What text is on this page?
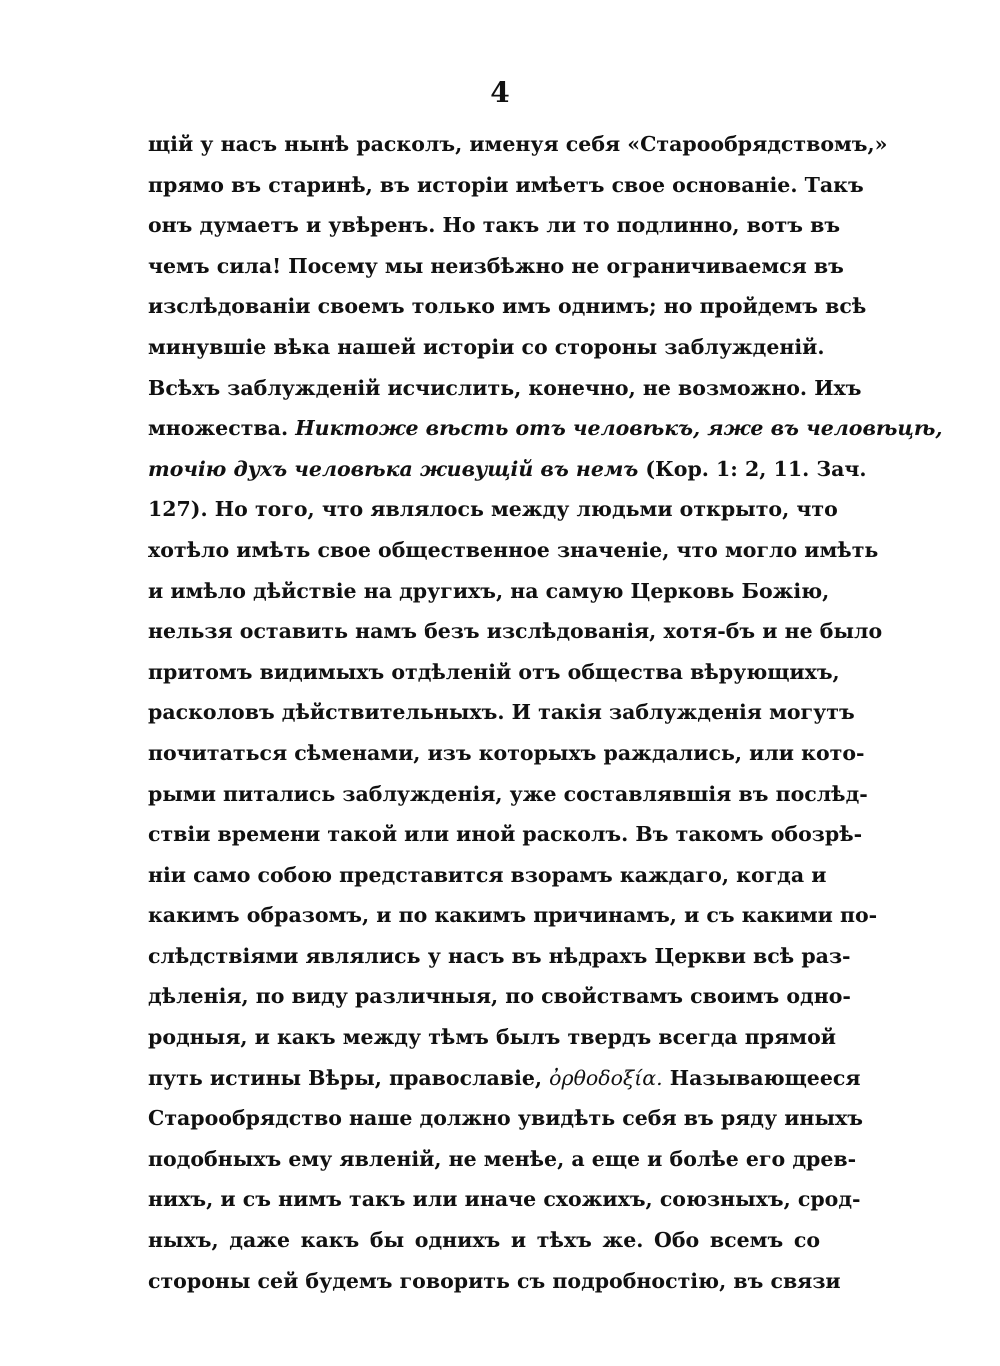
4
щій у насъ нынѣ расколъ, именуя себя «Старообрядствомъ,»
прямо въ старинѣ, въ исторіи имѣетъ свое основаніе. Такъ
онъ думаетъ и увѣренъ. Но такъ ли то подлинно, вотъ въ
чемъ сила! Посему мы неизбѣжно не ограничиваемся въ
изслѣдованіи своемъ только имъ однимъ; но пройдемъ всѣ
минувшіе вѣка нашей исторіи со стороны заблужденій.
Всѣхъ заблужденій исчислить, конечно, не возможно. Ихъ
множества. Никтоже вѣсть отъ человѣкъ, яже въ человѣцѣ,
точію духъ человѣка живущій въ немъ (Кор. 1: 2, 11. Зач.
127). Но того, что являлось между людьми открыто, что
хотѣло имѣть свое общественное значеніе, что могло имѣть
и имѣло дѣйствіе на другихъ, на самую Церковь Божію,
нельзя оставить намъ безъ изслѣдованія, хотя-бъ и не было
притомъ видимыхъ отдѣленій отъ общества вѣрующихъ,
расколовъ дѣйствительныхъ. И такія заблужденія могутъ
почитаться сѣменами, изъ которыхъ раждались, или кото-
рыми питались заблужденія, уже составлявшія въ послѣд-
ствіи времени такой или иной расколъ. Въ такомъ обозрѣ-
ніи само собою представится взорамъ каждаго, когда и
какимъ образомъ, и по какимъ причинамъ, и съ какими по-
слѣдствіями являлись у насъ въ нѣдрахъ Церкви всѣ раз-
дѣленія, по виду различныя, по свойствамъ своимъ одно-
родныя, и какъ между тѣмъ былъ твердъ всегда прямой
путь истины Вѣры, православіе, ὀρθοδοξία. Называющееся
Старообрядство наше должно увидѣть себя въ ряду иныхъ
подобныхъ ему явленій, не менѣе, а еще и болѣе его древ-
нихъ, и съ нимъ такъ или иначе схожихъ, союзныхъ, срод-
ныхъ, даже какъ бы однихъ и тѣхъ же. Обо всемъ со
стороны сей будемъ говорить съ подробностію, въ связи
